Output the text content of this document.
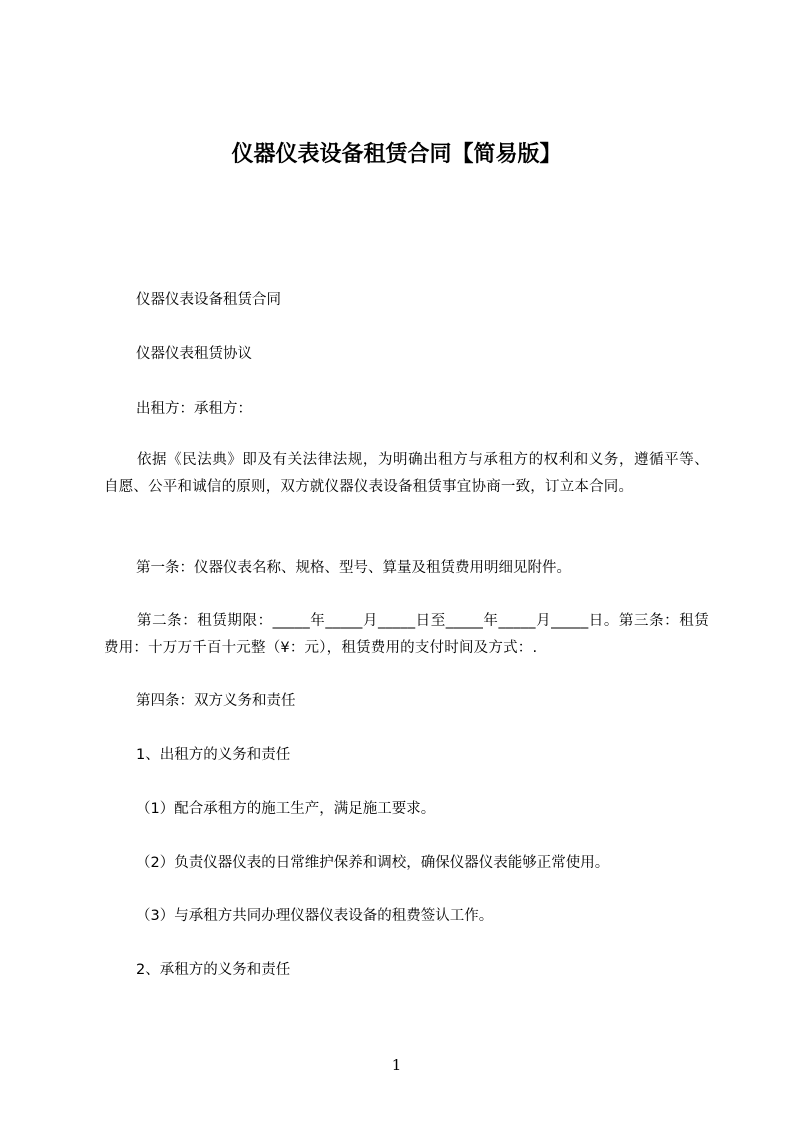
仪器仪表设备租赁合同【简易版】
仪器仪表设备租赁合同
仪器仪表租赁协议
出租方：承租方：
依据《民法典》即及有关法律法规，为明确出租方与承租方的权利和义务，遵循平等、自愿、公平和诚信的原则，双方就仪器仪表设备租赁事宜协商一致，订立本合同。
第一条：仪器仪表名称、规格、型号、算量及租赁费用明细见附件。
第二条：租赁期限：_____年_____月_____日至_____年_____月_____日。第三条：租赁费用：十万万千百十元整（¥：元），租赁费用的支付时间及方式：.
第四条：双方义务和责任
1、出租方的义务和责任
（1）配合承租方的施工生产，满足施工要求。
（2）负责仪器仪表的日常维护保养和调校，确保仪器仪表能够正常使用。
（3）与承租方共同办理仪器仪表设备的租费签认工作。
2、承租方的义务和责任
1
